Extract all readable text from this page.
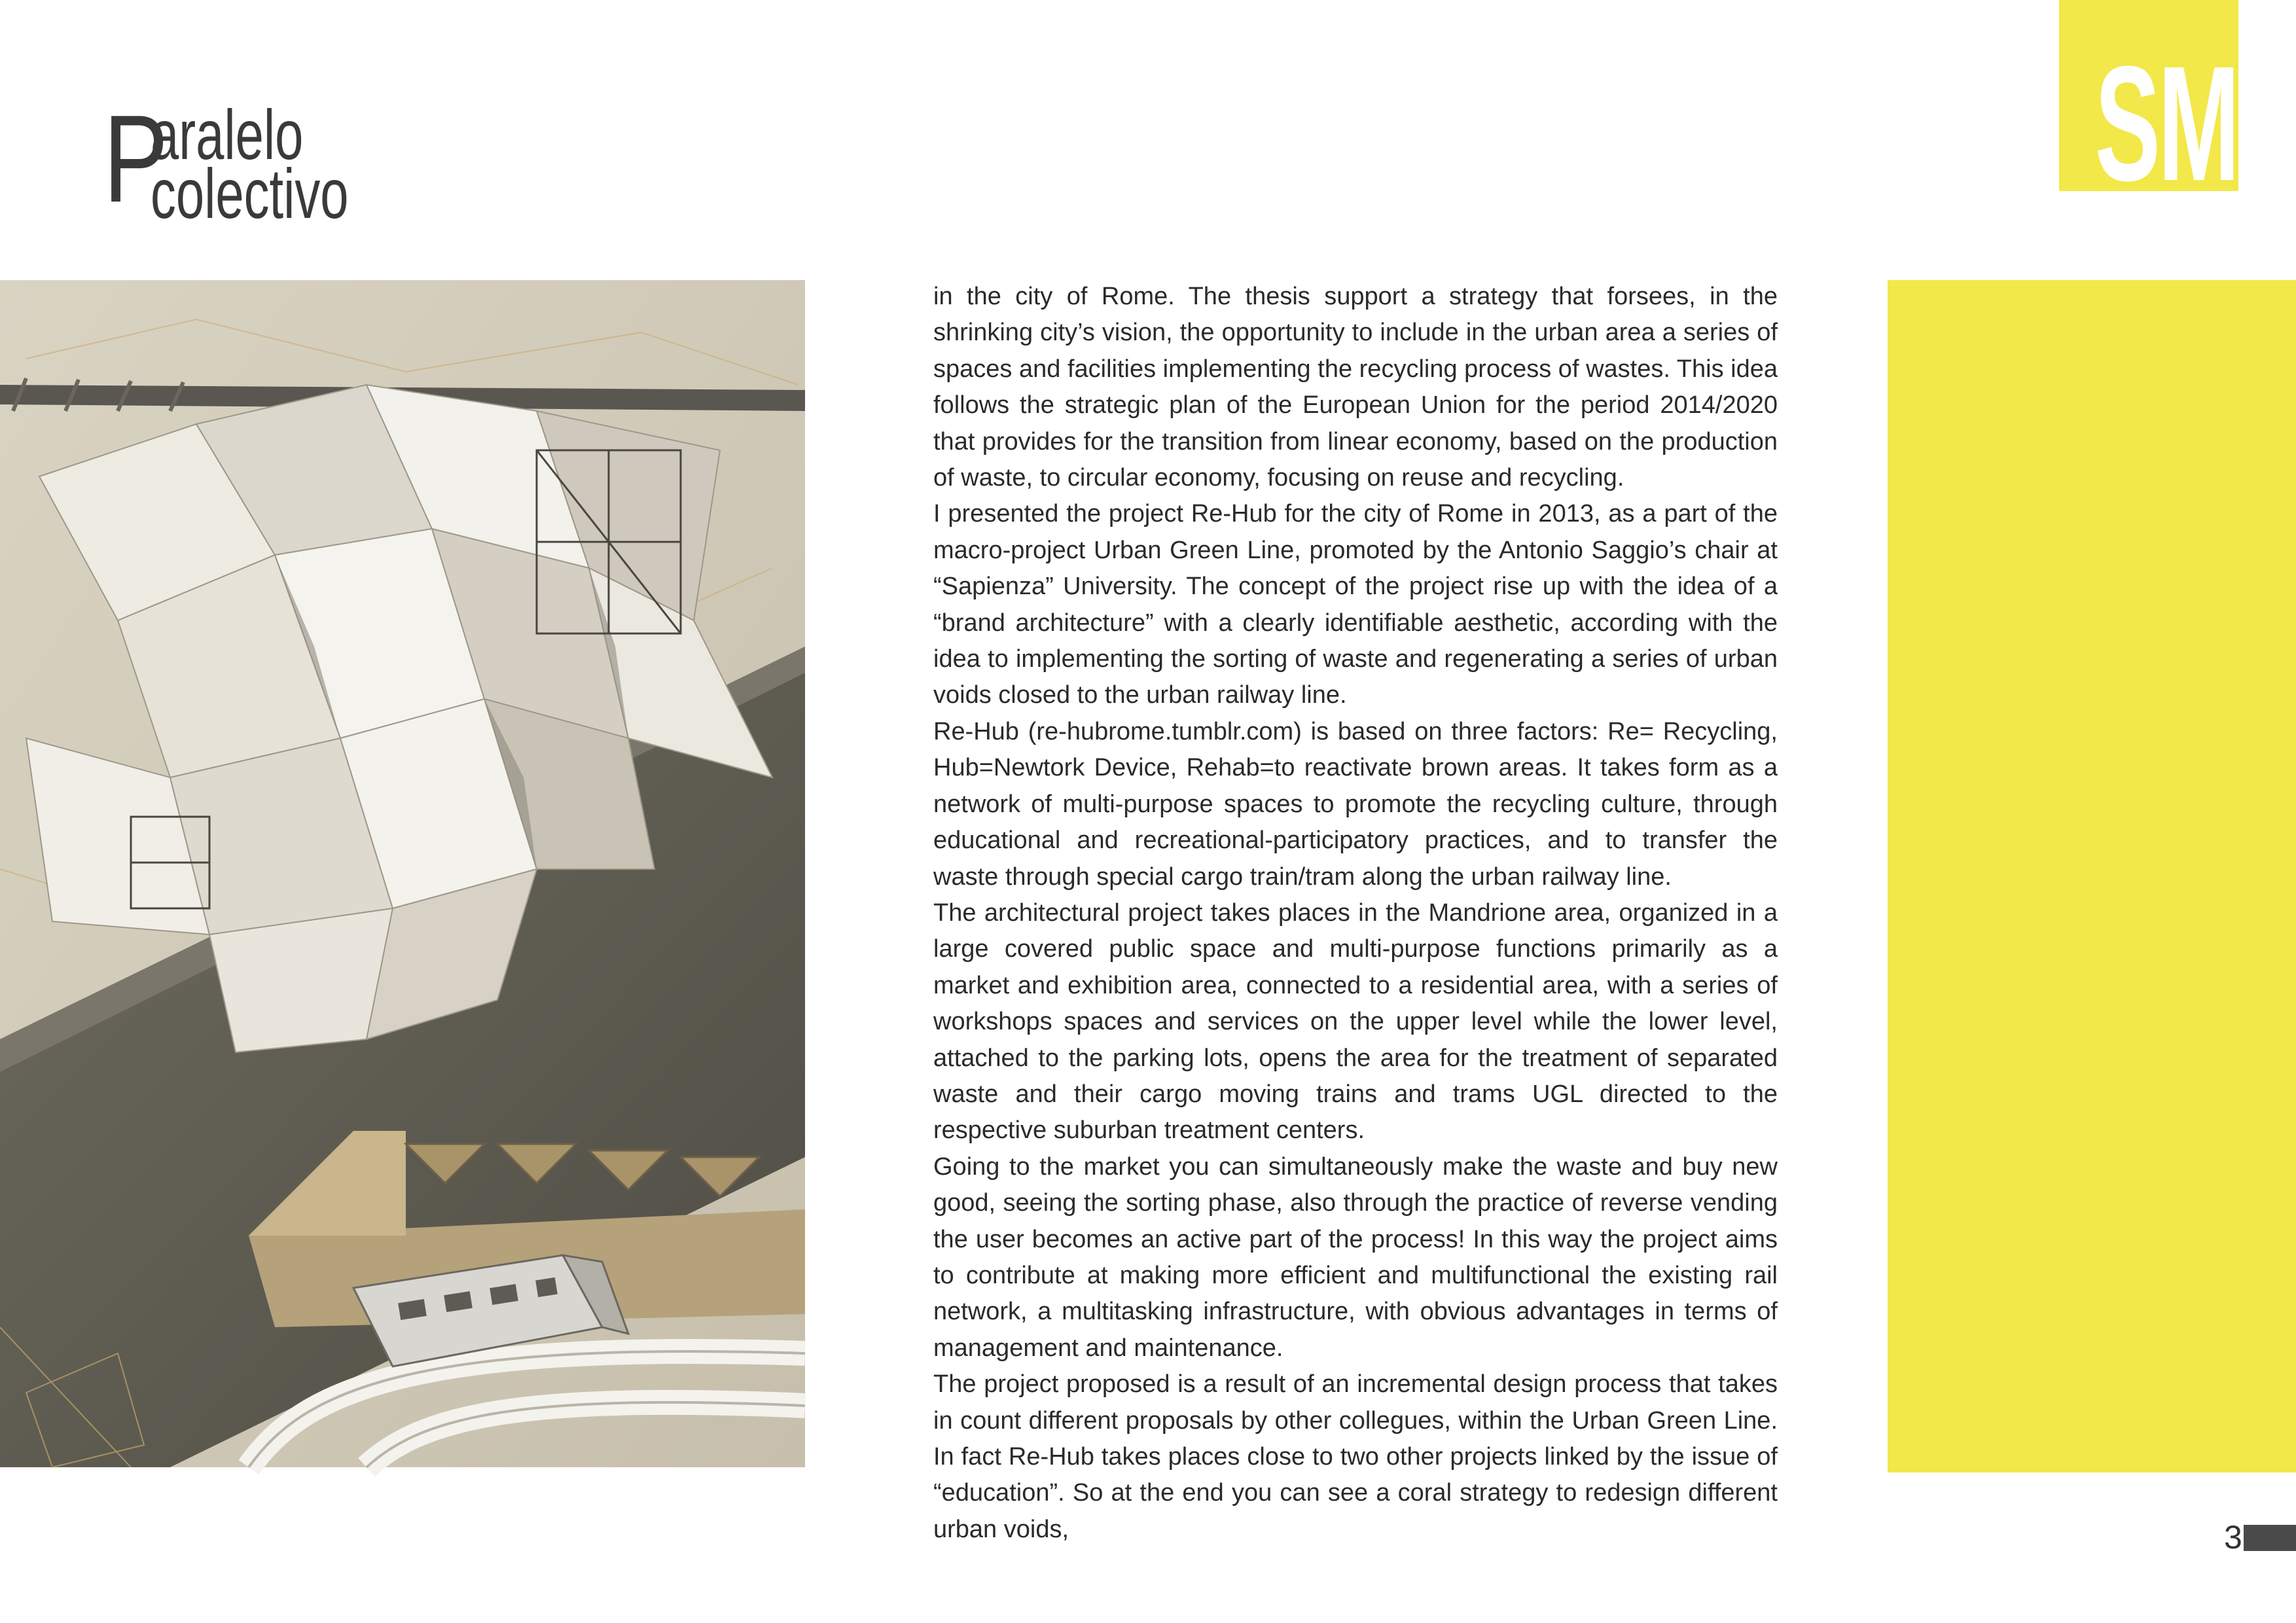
P
aralelo
colectivo	SM

in the city of Rome. The thesis support a strategy that forsees, in the shrinking city’s vision, the opportunity to include in the urban area a series of spaces and facilities implementing the recycling process of wastes. This idea follows the strategic plan of the European Union for the period 2014/2020 that provides for the transition from linear economy, based on the production of waste, to circular economy, focusing on reuse and recycling.

I presented the project Re-Hub for the city of Rome in 2013, as a part of the macro-project Urban Green Line, promoted by the Antonio Saggio’s chair at “Sapienza” University. The concept of the project rise up with the idea of a “brand architecture” with a clearly identifiable aesthetic, according with the idea to implementing the sorting of waste and regenerating a series of urban voids closed to the urban railway line.

Re-Hub (re-hubrome.tumblr.com) is based on three factors: Re= Recycling, Hub=Newtork Device, Rehab=to reactivate brown areas. It takes form as a network of multi-purpose spaces to promote the recycling culture, through educational and recreational-participatory practices, and to transfer the waste through special cargo train/tram along the urban railway line.

The architectural project takes places in the Mandrione area, organized in a large covered public space and multi-purpose functions primarily as a market and exhibition area, connected to a residential area, with a series of workshops spaces and services on the upper level while the lower level, attached to the parking lots, opens the area for the treatment of separated waste and their cargo moving trains and trams UGL directed to the respective suburban treatment centers.

Going to the market you can simultaneously make the waste and buy new good, seeing the sorting phase, also through the practice of reverse vending the user becomes an active part of the process! In this way the project aims to contribute at making more efficient and multifunctional the existing rail network, a multitasking infrastructure, with obvious advantages in terms of management and maintenance.

The project proposed is a result of an incremental design process that takes in count different proposals by other collegues, within the Urban Green Line. In fact Re-Hub takes places close to two other projects linked by the issue of “education”. So at the end you can see a coral strategy to redesign different urban voids,	3
